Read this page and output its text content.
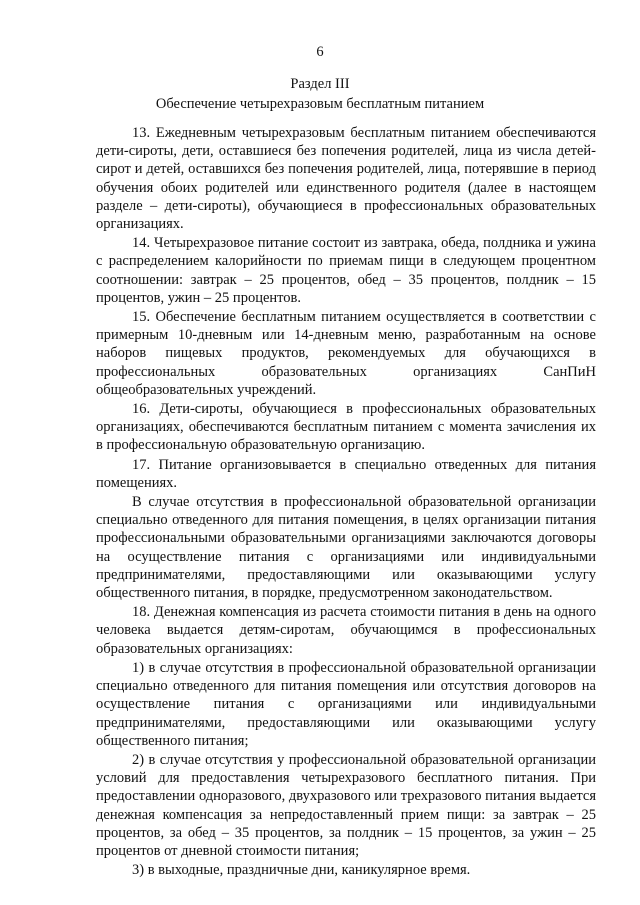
6
Раздел III
Обеспечение четырехразовым бесплатным питанием

13. Ежедневным четырехразовым бесплатным питанием обеспечиваются дети-сироты, дети, оставшиеся без попечения родителей, лица из числа детей-сирот и детей, оставшихся без попечения родителей, лица, потерявшие в период обучения обоих родителей или единственного родителя (далее в настоящем разделе – дети-сироты), обучающиеся в профессиональных образовательных организациях.

14. Четырехразовое питание состоит из завтрака, обеда, полдника и ужина с распределением калорийности по приемам пищи в следующем процентном соотношении: завтрак – 25 процентов, обед – 35 процентов, полдник – 15 процентов, ужин – 25 процентов.

15. Обеспечение бесплатным питанием осуществляется в соответствии с примерным 10-дневным или 14-дневным меню, разработанным на основе наборов пищевых продуктов, рекомендуемых для обучающихся в профессиональных образовательных организациях СанПиН общеобразовательных учреждений.

16. Дети-сироты, обучающиеся в профессиональных образовательных организациях, обеспечиваются бесплатным питанием с момента зачисления их в профессиональную образовательную организацию.

17. Питание организовывается в специально отведенных для питания помещениях.

В случае отсутствия в профессиональной образовательной организации специально отведенного для питания помещения, в целях организации питания профессиональными образовательными организациями заключаются договоры на осуществление питания с организациями или индивидуальными предпринимателями, предоставляющими или оказывающими услугу общественного питания, в порядке, предусмотренном законодательством.

18. Денежная компенсация из расчета стоимости питания в день на одного человека выдается детям-сиротам, обучающимся в профессиональных образовательных организациях:

1) в случае отсутствия в профессиональной образовательной организации специально отведенного для питания помещения или отсутствия договоров на осуществление питания с организациями или индивидуальными предпринимателями, предоставляющими или оказывающими услугу общественного питания;

2) в случае отсутствия у профессиональной образовательной организации условий для предоставления четырехразового бесплатного питания. При предоставлении одноразового, двухразового или трехразового питания выдается денежная компенсация за непредоставленный прием пищи: за завтрак – 25 процентов, за обед – 35 процентов, за полдник – 15 процентов, за ужин – 25 процентов от дневной стоимости питания;

3) в выходные, праздничные дни, каникулярное время.
